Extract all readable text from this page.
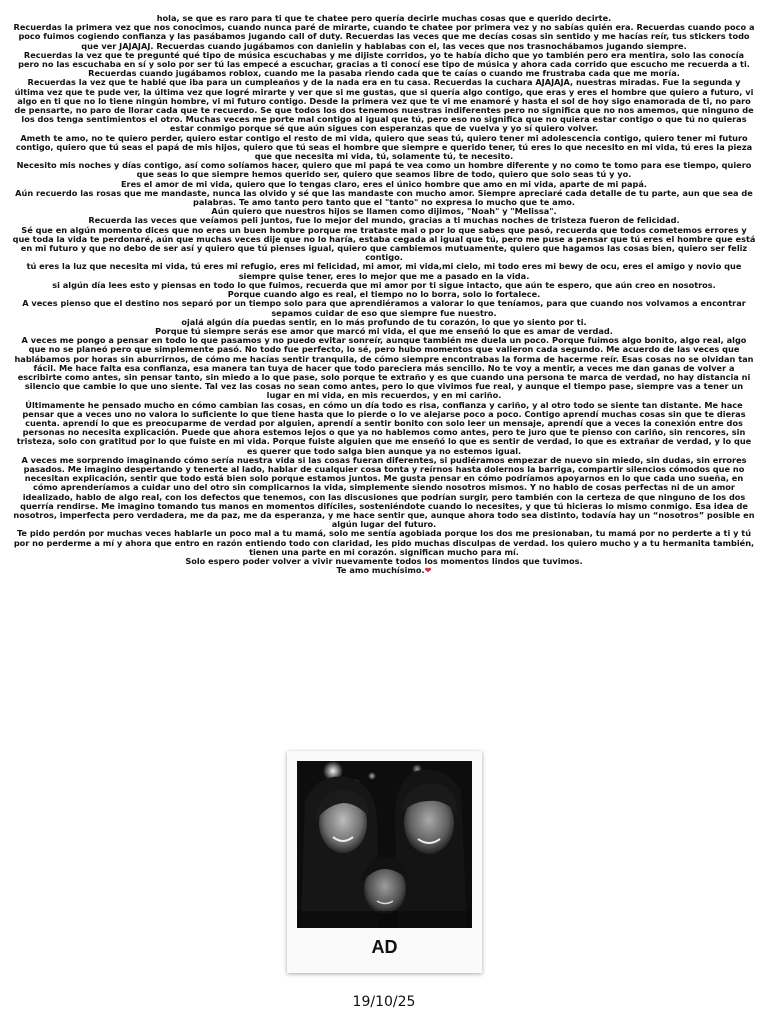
hola, se que es raro para ti que te chatee pero quería decirle muchas cosas que e querido decirte.

Recuerdas la primera vez que nos conocimos, cuando nunca paré de mirarte, cuando te chatee por primera vez y no sabías quién era. Recuerdas cuando poco a poco fuimos cogiendo confianza y las pasábamos jugando call of duty. Recuerdas las veces que me decías cosas sin sentido y me hacías reír, tus stickers todo que ver JAJAJAJ. Recuerdas cuando jugábamos con danielin y hablabas con el, las veces que nos trasnochábamos jugando siempre.

Recuerdas la vez que te pregunté qué tipo de música escuchabas y me dijiste corridos, yo te había dicho que yo también pero era mentira, solo las conocía pero no las escuchaba en sí y solo por ser tú las empecé a escuchar, gracias a ti conocí ese tipo de música y ahora cada corrido que escucho me recuerda a ti. Recuerdas cuando jugábamos roblox, cuando me la pasaba riendo cada que te caías o cuando me frustraba cada que me moría.

Recuerdas la vez que te hablé que iba para un cumpleaños y de la nada era en tu casa. Recuerdas la cuchara AJAJAJA, nuestras miradas. Fue la segunda y última vez que te pude ver, la última vez que logré mirarte y ver que si me gustas, que si quería algo contigo, que eras y eres el hombre que quiero a futuro, vi algo en ti que no lo tiene ningún hombre, vi mi futuro contigo. Desde la primera vez que te vi me enamoré y hasta el sol de hoy sigo enamorada de ti, no paro de pensarte, no paro de llorar cada que te recuerdo. Se que todos los dos tenemos nuestras indiferentes pero no significa que no nos amemos, que ninguno de los dos tenga sentimientos el otro. Muchas veces me porte mal contigo al igual que tú, pero eso no significa que no quiera estar contigo o que tú no quieras estar conmigo porque sé que aún sigues con esperanzas que de vuelva y yo sí quiero volver.

Ameth te amo, no te quiero perder, quiero estar contigo el resto de mi vida, quiero que seas tú, quiero tener mi adolescencia contigo, quiero tener mi futuro contigo, quiero que tú seas el papá de mis hijos, quiero que tú seas el hombre que siempre e querido tener, tú eres lo que necesito en mi vida, tú eres la pieza que que necesita mi vida, tú, solamente tú, te necesito.

Necesito mis noches y días contigo, así como solíamos hacer, quiero que mi papá te vea como un hombre diferente y no como te tomo para ese tiempo, quiero que seas lo que siempre hemos querido ser, quiero que seamos libre de todo, quiero que solo seas tú y yo.

Eres el amor de mi vida, quiero que lo tengas claro, eres el único hombre que amo en mi vida, aparte de mi papá.

Aún recuerdo las rosas que me mandaste, nunca las olvido y sé que las mandaste con mucho amor. Siempre apreciaré cada detalle de tu parte, aun que sea de palabras. Te amo tanto pero tanto que el "tanto" no expresa lo mucho que te amo.

Aún quiero que nuestros hijos se llamen como dijimos, "Noah" y "Melissa".

Recuerda las veces que veíamos peli juntos, fue lo mejor del mundo, gracias a ti muchas noches de tristeza fueron de felicidad.

Sé que en algún momento dices que no eres un buen hombre porque me trataste mal o por lo que sabes que pasó, recuerda que todos cometemos errores y que toda la vida te perdonaré, aún que muchas veces dije que no lo haría, estaba cegada al igual que tú, pero me puse a pensar que tú eres el hombre que está en mi futuro y que no debo de ser así y quiero que tú pienses igual, quiero que cambiemos mutuamente, quiero que hagamos las cosas bien, quiero ser feliz contigo.

tú eres la luz que necesita mi vida, tú eres mi refugio, eres mi felicidad, mi amor, mi vida,mi cielo, mi todo eres mi bewy de ocu, eres el amigo y novio que siempre quise tener, eres lo mejor que me a pasado en la vida.

si algún día lees esto y piensas en todo lo que fuimos, recuerda que mi amor por ti sigue intacto, que aún te espero, que aún creo en nosotros.

Porque cuando algo es real, el tiempo no lo borra, solo lo fortalece.

A veces pienso que el destino nos separó por un tiempo solo para que aprendiéramos a valorar lo que teníamos, para que cuando nos volvamos a encontrar sepamos cuidar de eso que siempre fue nuestro.

ojalá algún día puedas sentir, en lo más profundo de tu corazón, lo que yo siento por ti.

Porque tú siempre serás ese amor que marcó mi vida, el que me enseñó lo que es amar de verdad.

A veces me pongo a pensar en todo lo que pasamos y no puedo evitar sonreír, aunque también me duela un poco. Porque fuimos algo bonito, algo real, algo que no se planeó pero que simplemente pasó. No todo fue perfecto, lo sé, pero hubo momentos que valieron cada segundo. Me acuerdo de las veces que hablábamos por horas sin aburrirnos, de cómo me hacías sentir tranquila, de cómo siempre encontrabas la forma de hacerme reír. Esas cosas no se olvidan tan fácil. Me hace falta esa confianza, esa manera tan tuya de hacer que todo pareciera más sencillo. No te voy a mentir, a veces me dan ganas de volver a escribirte como antes, sin pensar tanto, sin miedo a lo que pase, solo porque te extraño y es que cuando una persona te marca de verdad, no hay distancia ni silencio que cambie lo que uno siente. Tal vez las cosas no sean como antes, pero lo que vivimos fue real, y aunque el tiempo pase, siempre vas a tener un lugar en mi vida, en mis recuerdos, y en mi cariño.

Últimamente he pensado mucho en cómo cambian las cosas, en cómo un día todo es risa, confianza y cariño, y al otro todo se siente tan distante. Me hace pensar que a veces uno no valora lo suficiente lo que tiene hasta que lo pierde o lo ve alejarse poco a poco. Contigo aprendí muchas cosas sin que te dieras cuenta. aprendí lo que es preocuparme de verdad por alguien, aprendí a sentir bonito con solo leer un mensaje, aprendí que a veces la conexión entre dos personas no necesita explicación. Puede que ahora estemos lejos o que ya no hablemos como antes, pero te juro que te pienso con cariño, sin rencores, sin tristeza, solo con gratitud por lo que fuiste en mi vida. Porque fuiste alguien que me enseñó lo que es sentir de verdad, lo que es extrañar de verdad, y lo que es querer que todo salga bien aunque ya no estemos igual.

A veces me sorprendo imaginando cómo sería nuestra vida si las cosas fueran diferentes, si pudiéramos empezar de nuevo sin miedo, sin dudas, sin errores pasados. Me imagino despertando y tenerte al lado, hablar de cualquier cosa tonta y reírnos hasta dolernos la barriga, compartir silencios cómodos que no necesitan explicación, sentir que todo está bien solo porque estamos juntos. Me gusta pensar en cómo podríamos apoyarnos en lo que cada uno sueña, en cómo aprenderíamos a cuidar uno del otro sin complicarnos la vida, simplemente siendo nosotros mismos. Y no hablo de cosas perfectas ni de un amor idealizado, hablo de algo real, con los defectos que tenemos, con las discusiones que podrían surgir, pero también con la certeza de que ninguno de los dos querría rendirse. Me imagino tomando tus manos en momentos difíciles, sosteniéndote cuando lo necesites, y que tú hicieras lo mismo conmigo. Esa idea de nosotros, imperfecta pero verdadera, me da paz, me da esperanza, y me hace sentir que, aunque ahora todo sea distinto, todavía hay un “nosotros” posible en algún lugar del futuro.

Te pido perdón por muchas veces hablarle un poco mal a tu mamá, solo me sentía agobiada porque los dos me presionaban, tu mamá por no perderte a ti y tú por no perderme a mí y ahora que entro en razón entiendo todo con claridad, les pido muchas disculpas de verdad. los quiero mucho y a tu hermanita también, tienen una parte en mi corazón. significan mucho para mí.

Solo espero poder volver a vivir nuevamente todos los momentos lindos que tuvimos.

Te amo muchísimo.❤

AD
19/10/25
